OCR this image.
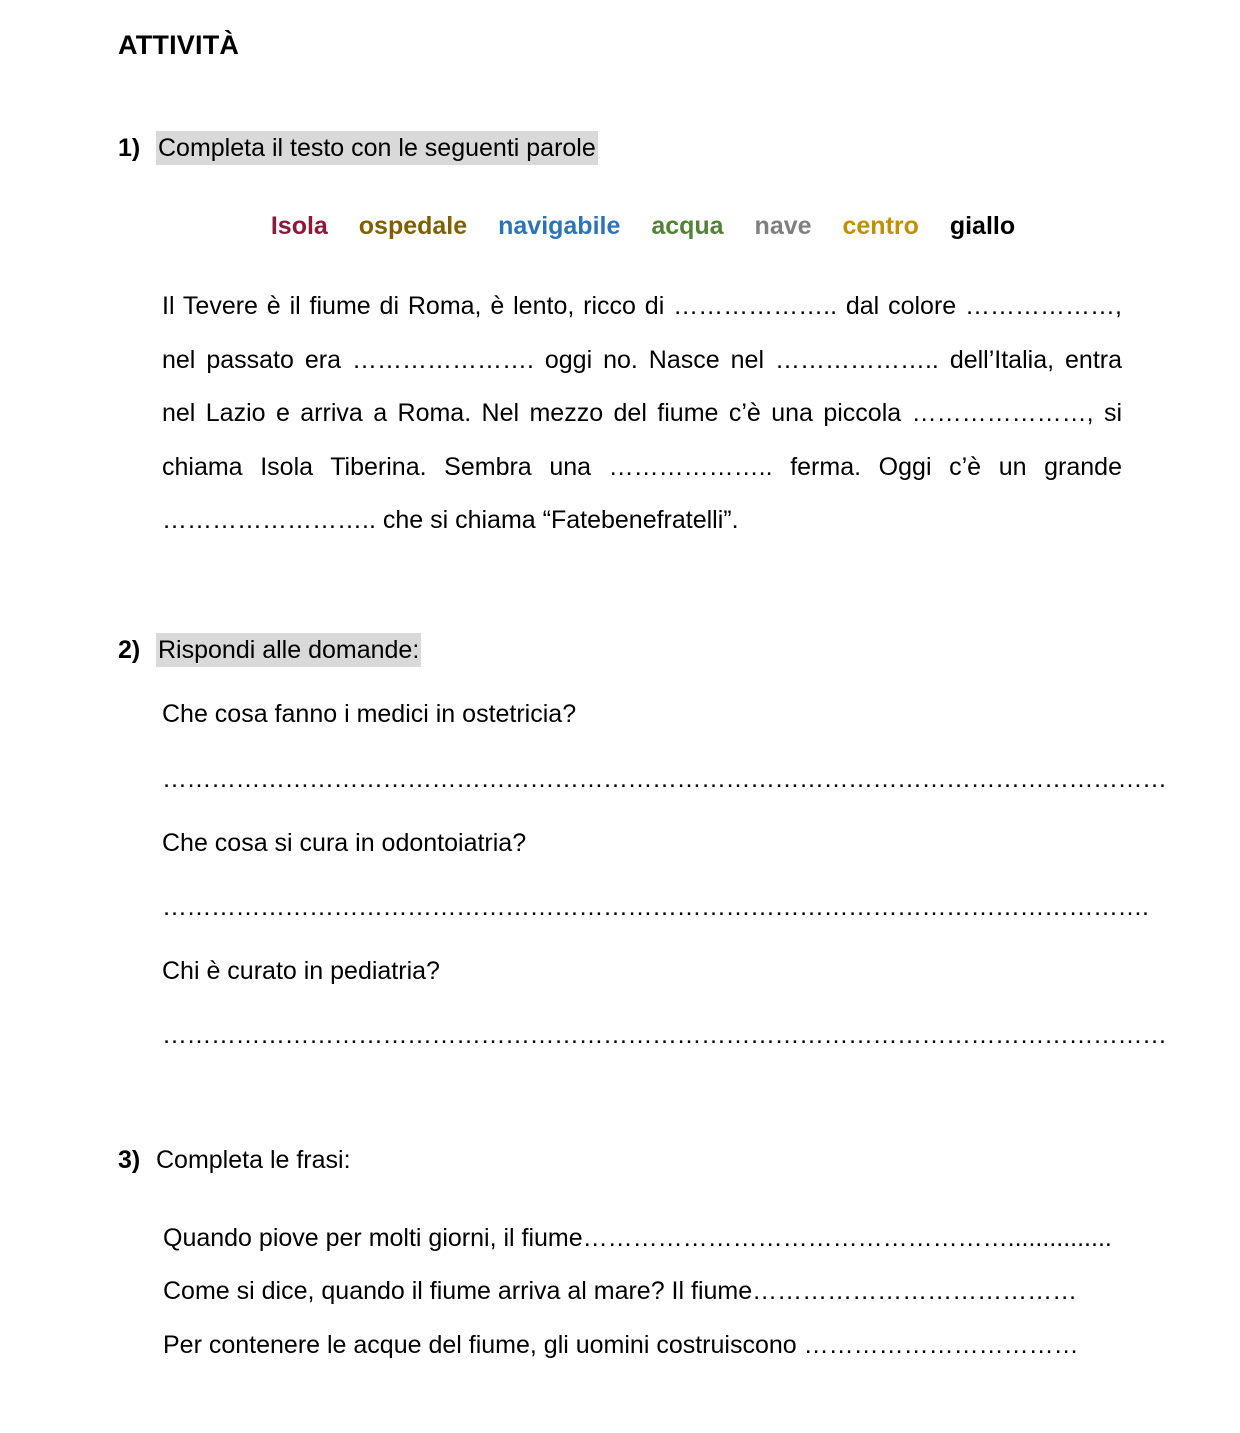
ATTIVITÀ
1) Completa il testo con le seguenti parole
Isola ospedale navigabile acqua nave centro giallo
Il Tevere è il fiume di Roma, è lento, ricco di ……………….. dal colore ………………, nel passato era …………………. oggi no. Nasce nel ……………….. dell’Italia, entra nel Lazio e arriva a Roma. Nel mezzo del fiume c’è una piccola …………………, si chiama Isola Tiberina. Sembra una ……………….. ferma. Oggi c’è un grande …………………….. che si chiama “Fatebenefratelli”.
2) Rispondi alle domande:
Che cosa fanno i medici in ostetricia?
……………………………………………………………………………………………………………
Che cosa si cura in odontoiatria?
………………………………………………………………………………………………………….
Chi è curato in pediatria?
……………………………………………………………………………………………………………
3) Completa le frasi:
Quando piove per molti giorni, il fiume……………………………………………...............
Come si dice, quando il fiume arriva al mare? Il fiume…………………………………
Per contenere le acque del fiume, gli uomini costruiscono ……………………………
